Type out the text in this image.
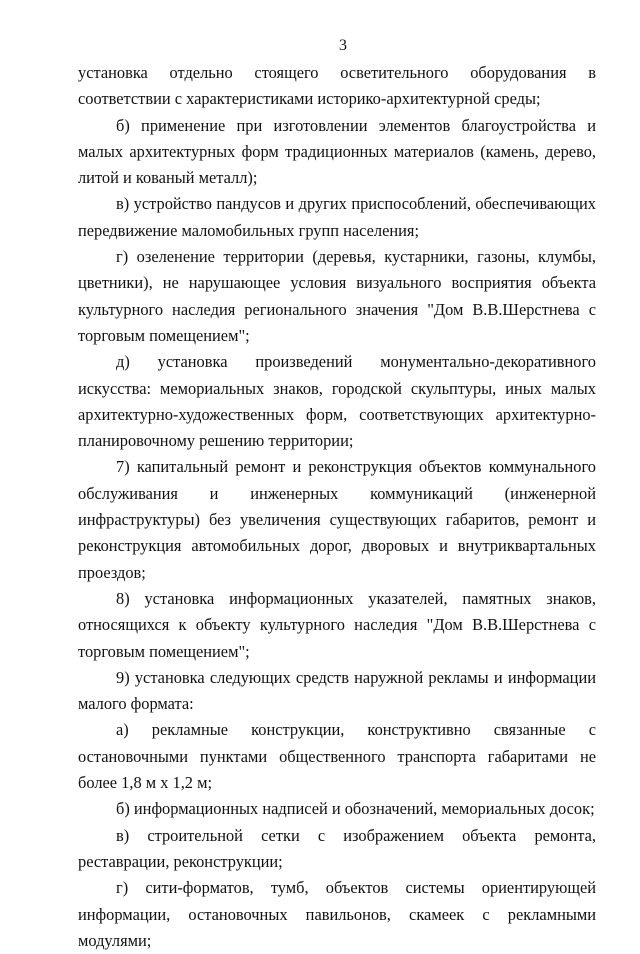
3

установка отдельно стоящего осветительного оборудования в соответствии с характеристиками историко-архитектурной среды;

б) применение при изготовлении элементов благоустройства и малых архитектурных форм традиционных материалов (камень, дерево, литой и кованый металл);

в) устройство пандусов и других приспособлений, обеспечивающих передвижение маломобильных групп населения;

г) озеленение территории (деревья, кустарники, газоны, клумбы, цветники), не нарушающее условия визуального восприятия объекта культурного наследия регионального значения "Дом В.В.Шерстнева с торговым помещением";

д) установка произведений монументально-декоративного искусства: мемориальных знаков, городской скульптуры, иных малых архитектурно-художественных форм, соответствующих архитектурно-планировочному решению территории;

7) капитальный ремонт и реконструкция объектов коммунального обслуживания и инженерных коммуникаций (инженерной инфраструктуры) без увеличения существующих габаритов, ремонт и реконструкция автомобильных дорог, дворовых и внутриквартальных проездов;

8) установка информационных указателей, памятных знаков, относящихся к объекту культурного наследия "Дом В.В.Шерстнева с торговым помещением";

9) установка следующих средств наружной рекламы и информации малого формата:

а) рекламные конструкции, конструктивно связанные с остановочными пунктами общественного транспорта габаритами не более 1,8 м х 1,2 м;

б) информационных надписей и обозначений, мемориальных досок;

в) строительной сетки с изображением объекта ремонта, реставрации, реконструкции;

г) сити-форматов, тумб, объектов системы ориентирующей информации, остановочных павильонов, скамеек с рекламными модулями;
